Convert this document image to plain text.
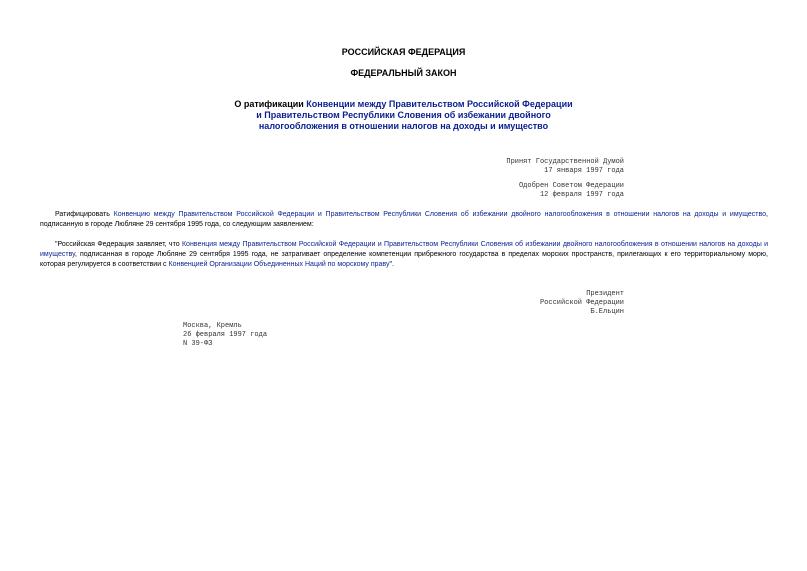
РОССИЙСКАЯ ФЕДЕРАЦИЯ
ФЕДЕРАЛЬНЫЙ ЗАКОН
О ратификации Конвенции между Правительством Российской Федерации
и Правительством Республики Словения об избежании двойного
налогообложения в отношении налогов на доходы и имущество
Принят Государственной Думой
17 января 1997 года
Одобрен Советом Федерации
12 февраля 1997 года
Ратифицировать Конвенцию между Правительством Российской Федерации и Правительством Республики Словения об избежании двойного налогообложения в отношении налогов на доходы и имущество, подписанную в городе Любляне 29 сентября 1995 года, со следующим заявлением:
"Российская Федерация заявляет, что Конвенция между Правительством Российской Федерации и Правительством Республики Словения об избежании двойного налогообложения в отношении налогов на доходы и имуществу, подписанная в городе Любляне 29 сентября 1995 года, не затрагивает определение компетенции прибрежного государства в пределах морских пространств, прилегающих к его территориальному морю, которая регулируется в соответствии с Конвенцией Организации Объединенных Наций по морскому праву".
Президент
Российской Федерации
Б.Ельцин
Москва, Кремль
26 февраля 1997 года
N 39-ФЗ
